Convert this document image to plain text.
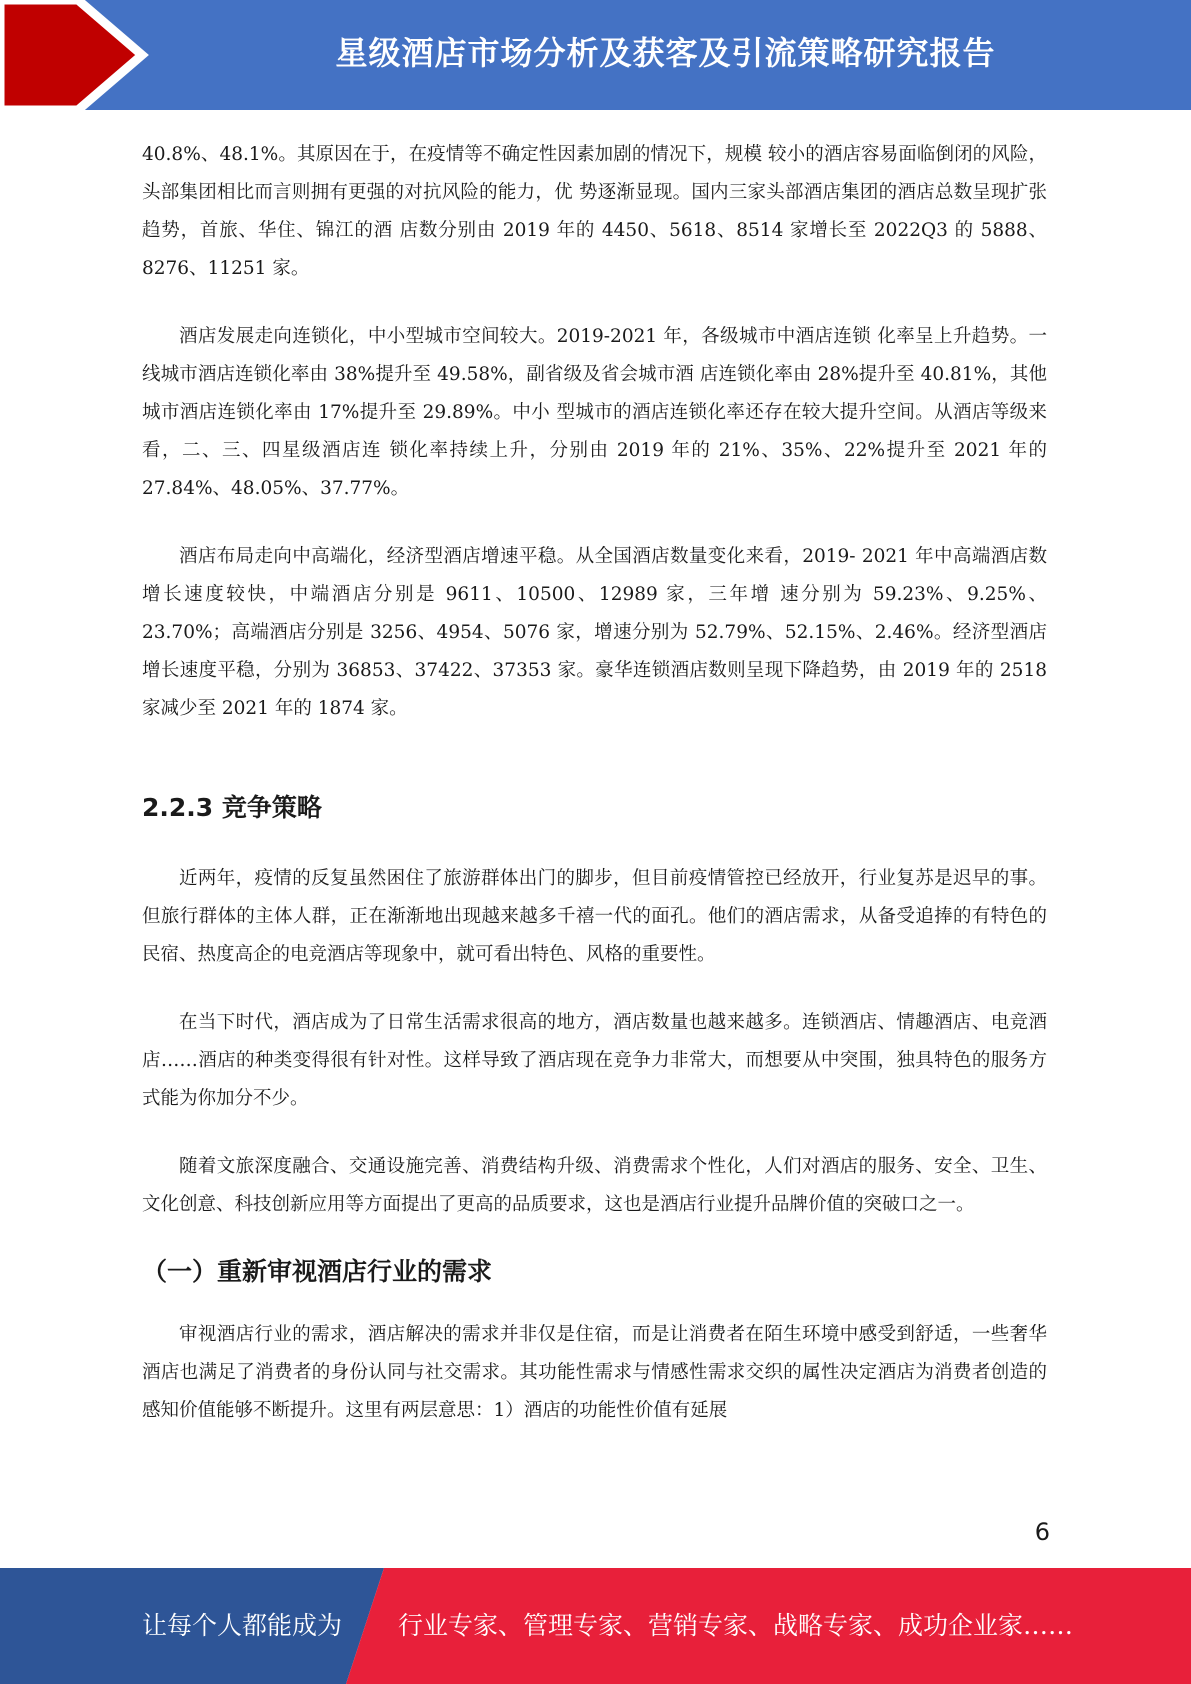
星级酒店市场分析及获客及引流策略研究报告

40.8%、48.1%。其原因在于，在疫情等不确定性因素加剧的情况下，规模 较小的酒店容易面临倒闭的风险，头部集团相比而言则拥有更强的对抗风险的能力，优 势逐渐显现。国内三家头部酒店集团的酒店总数呈现扩张趋势，首旅、华住、锦江的酒 店数分别由 2019 年的 4450、5618、8514 家增长至 2022Q3 的 5888、8276、11251 家。

酒店发展走向连锁化，中小型城市空间较大。2019-2021 年，各级城市中酒店连锁 化率呈上升趋势。一线城市酒店连锁化率由 38%提升至 49.58%，副省级及省会城市酒 店连锁化率由 28%提升至 40.81%，其他城市酒店连锁化率由 17%提升至 29.89%。中小 型城市的酒店连锁化率还存在较大提升空间。从酒店等级来看，二、三、四星级酒店连 锁化率持续上升，分别由 2019 年的 21%、35%、22%提升至 2021 年的 27.84%、48.05%、37.77%。

酒店布局走向中高端化，经济型酒店增速平稳。从全国酒店数量变化来看，2019- 2021 年中高端酒店数增长速度较快，中端酒店分别是 9611、10500、12989 家，三年增 速分别为 59.23%、9.25%、23.70%；高端酒店分别是 3256、4954、5076 家，增速分别为 52.79%、52.15%、2.46%。经济型酒店增长速度平稳，分别为 36853、37422、37353 家。豪华连锁酒店数则呈现下降趋势，由 2019 年的 2518 家减少至 2021 年的 1874 家。

2.2.3 竞争策略

近两年，疫情的反复虽然困住了旅游群体出门的脚步，但目前疫情管控已经放开，行业复苏是迟早的事。但旅行群体的主体人群，正在渐渐地出现越来越多千禧一代的面孔。他们的酒店需求，从备受追捧的有特色的民宿、热度高企的电竞酒店等现象中，就可看出特色、风格的重要性。

在当下时代，酒店成为了日常生活需求很高的地方，酒店数量也越来越多。连锁酒店、情趣酒店、电竞酒店……酒店的种类变得很有针对性。这样导致了酒店现在竞争力非常大，而想要从中突围，独具特色的服务方式能为你加分不少。

随着文旅深度融合、交通设施完善、消费结构升级、消费需求个性化，人们对酒店的服务、安全、卫生、文化创意、科技创新应用等方面提出了更高的品质要求，这也是酒店行业提升品牌价值的突破口之一。

（一）重新审视酒店行业的需求

审视酒店行业的需求，酒店解决的需求并非仅是住宿，而是让消费者在陌生环境中感受到舒适，一些奢华酒店也满足了消费者的身份认同与社交需求。其功能性需求与情感性需求交织的属性决定酒店为消费者创造的感知价值能够不断提升。这里有两层意思：1）酒店的功能性价值有延展

6
让每个人都能成为 行业专家、管理专家、营销专家、战略专家、成功企业家……
